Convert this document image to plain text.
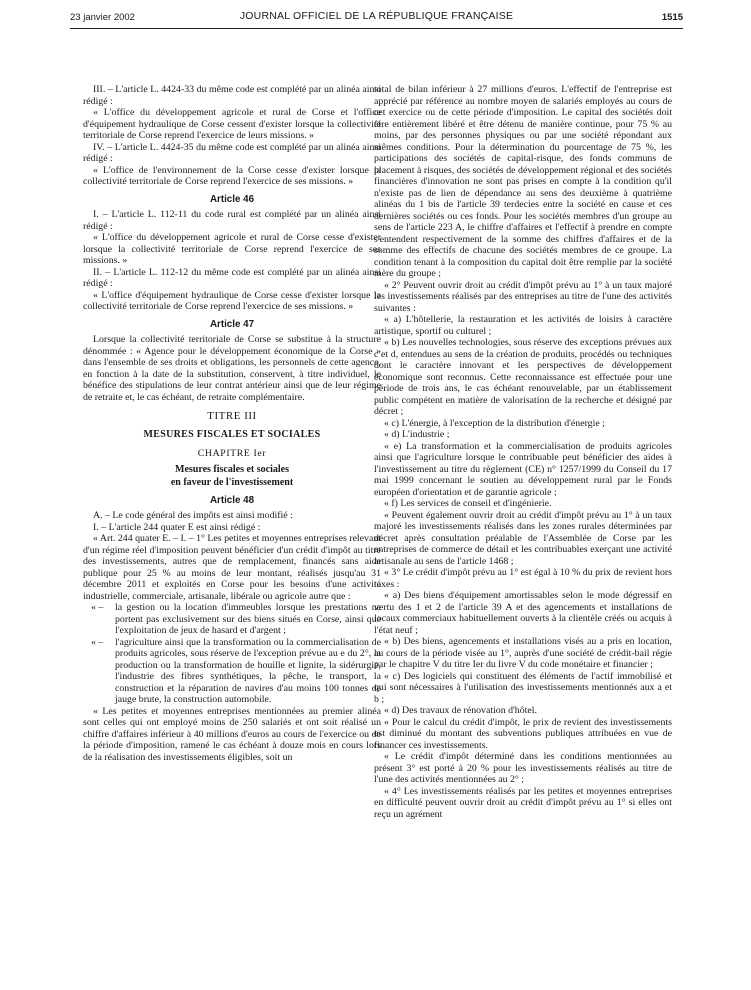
23 janvier 2002	JOURNAL OFFICIEL DE LA RÉPUBLIQUE FRANÇAISE	1515

III. – L'article L. 4424-33 du même code est complété par un alinéa ainsi rédigé :

« L'office du développement agricole et rural de Corse et l'office d'équipement hydraulique de Corse cessent d'exister lorsque la collectivité territoriale de Corse reprend l'exercice de leurs missions. »

IV. – L'article L. 4424-35 du même code est complété par un alinéa ainsi rédigé :

« L'office de l'environnement de la Corse cesse d'exister lorsque la collectivité territoriale de Corse reprend l'exercice de ses missions. »

Article 46

I. – L'article L. 112-11 du code rural est complété par un alinéa ainsi rédigé :

« L'office du développement agricole et rural de Corse cesse d'exister lorsque la collectivité territoriale de Corse reprend l'exercice de ses missions. »

II. – L'article L. 112-12 du même code est complété par un alinéa ainsi rédigé :

« L'office d'équipement hydraulique de Corse cesse d'exister lorsque la collectivité territoriale de Corse reprend l'exercice de ses missions. »

Article 47

Lorsque la collectivité territoriale de Corse se substitue à la structure dénommée : « Agence pour le développement économique de la Corse » dans l'ensemble de ses droits et obligations, les personnels de cette agence, en fonction à la date de la substitution, conservent, à titre individuel, le bénéfice des stipulations de leur contrat antérieur ainsi que de leur régime de retraite et, le cas échéant, de retraite complémentaire.

TITRE III

MESURES FISCALES ET SOCIALES

CHAPITRE Ier

Mesures fiscales et sociales

en faveur de l'investissement

Article 48

A. – Le code général des impôts est ainsi modifié :

I. – L'article 244 quater E est ainsi rédigé :

« Art. 244 quater E. – I. – 1° Les petites et moyennes entreprises relevant d'un régime réel d'imposition peuvent bénéficier d'un crédit d'impôt au titre des investissements, autres que de remplacement, financés sans aide publique pour 25 % au moins de leur montant, réalisés jusqu'au 31 décembre 2011 et exploités en Corse pour les besoins d'une activité industrielle, commerciale, artisanale, libérale ou agricole autre que :

« – la gestion ou la location d'immeubles lorsque les prestations ne portent pas exclusivement sur des biens situés en Corse, ainsi que l'exploitation de jeux de hasard et d'argent ;

« – l'agriculture ainsi que la transformation ou la commercialisation de produits agricoles, sous réserve de l'exception prévue au e du 2°, la production ou la transformation de houille et lignite, la sidérurgie, l'industrie des fibres synthétiques, la pêche, le transport, la construction et la réparation de navires d'au moins 100 tonnes de jauge brute, la construction automobile.

« Les petites et moyennes entreprises mentionnées au premier alinéa sont celles qui ont employé moins de 250 salariés et ont soit réalisé un chiffre d'affaires inférieur à 40 millions d'euros au cours de l'exercice ou de la période d'imposition, ramené le cas échéant à douze mois en cours lors de la réalisation des investissements éligibles, soit un

total de bilan inférieur à 27 millions d'euros. L'effectif de l'entreprise est apprécié par référence au nombre moyen de salariés employés au cours de cet exercice ou de cette période d'imposition. Le capital des sociétés doit être entièrement libéré et être détenu de manière continue, pour 75 % au moins, par des personnes physiques ou par une société répondant aux mêmes conditions. Pour la détermination du pourcentage de 75 %, les participations des sociétés de capital-risque, des fonds communs de placement à risques, des sociétés de développement régional et des sociétés financières d'innovation ne sont pas prises en compte à la condition qu'il n'existe pas de lien de dépendance au sens des deuxième à quatrième alinéas du 1 bis de l'article 39 terdecies entre la société en cause et ces dernières sociétés ou ces fonds. Pour les sociétés membres d'un groupe au sens de l'article 223 A, le chiffre d'affaires et l'effectif à prendre en compte s'entendent respectivement de la somme des chiffres d'affaires et de la somme des effectifs de chacune des sociétés membres de ce groupe. La condition tenant à la composition du capital doit être remplie par la société mère du groupe ;

« 2° Peuvent ouvrir droit au crédit d'impôt prévu au 1° à un taux majoré les investissements réalisés par des entreprises au titre de l'une des activités suivantes :

« a) L'hôtellerie, la restauration et les activités de loisirs à caractère artistique, sportif ou culturel ;

« b) Les nouvelles technologies, sous réserve des exceptions prévues aux c et d, entendues au sens de la création de produits, procédés ou techniques dont le caractère innovant et les perspectives de développement économique sont reconnus. Cette reconnaissance est effectuée pour une période de trois ans, le cas échéant renouvelable, par un établissement public compétent en matière de valorisation de la recherche et désigné par décret ;

« c) L'énergie, à l'exception de la distribution d'énergie ;

« d) L'industrie ;

« e) La transformation et la commercialisation de produits agricoles ainsi que l'agriculture lorsque le contribuable peut bénéficier des aides à l'investissement au titre du règlement (CE) n° 1257/1999 du Conseil du 17 mai 1999 concernant le soutien au développement rural par le Fonds européen d'orientation et de garantie agricole ;

« f) Les services de conseil et d'ingénierie.

« Peuvent également ouvrir droit au crédit d'impôt prévu au 1° à un taux majoré les investissements réalisés dans les zones rurales déterminées par décret après consultation préalable de l'Assemblée de Corse par les entreprises de commerce de détail et les contribuables exerçant une activité artisanale au sens de l'article 1468 ;

« 3° Le crédit d'impôt prévu au 1° est égal à 10 % du prix de revient hors taxes :

« a) Des biens d'équipement amortissables selon le mode dégressif en vertu des 1 et 2 de l'article 39 A et des agencements et installations de locaux commerciaux habituellement ouverts à la clientèle créés ou acquis à l'état neuf ;

« b) Des biens, agencements et installations visés au a pris en location, au cours de la période visée au 1°, auprès d'une société de crédit-bail régie par le chapitre V du titre Ier du livre V du code monétaire et financier ;

« c) Des logiciels qui constituent des éléments de l'actif immobilisé et qui sont nécessaires à l'utilisation des investissements mentionnés aux a et b ;

« d) Des travaux de rénovation d'hôtel.

« Pour le calcul du crédit d'impôt, le prix de revient des investissements est diminué du montant des subventions publiques attribuées en vue de financer ces investissements.

« Le crédit d'impôt déterminé dans les conditions mentionnées au présent 3° est porté à 20 % pour les investissements réalisés au titre de l'une des activités mentionnées au 2° ;

« 4° Les investissements réalisés par les petites et moyennes entreprises en difficulté peuvent ouvrir droit au crédit d'impôt prévu au 1° si elles ont reçu un agrément
